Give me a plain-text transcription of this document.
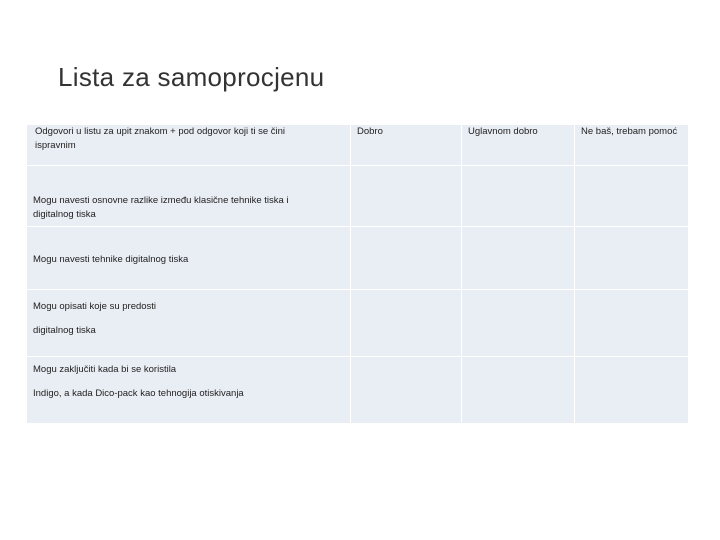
Lista za samoprocjenu
Odgovori u listu za upit znakom + pod odgovor koji ti se čini
ispravnim	Dobro	Uglavnom dobro	Ne baš, trebam pomoć
Mogu navesti osnovne razlike između klasične tehnike tiska i
digitalnog tiska			
Mogu navesti tehnike digitalnog tiska			
Mogu opisati koje su predosti
digitalnog tiska			

Mogu zaključiti kada bi se koristila
Indigo, a kada Dico-pack kao tehnogija otiskivanja			
